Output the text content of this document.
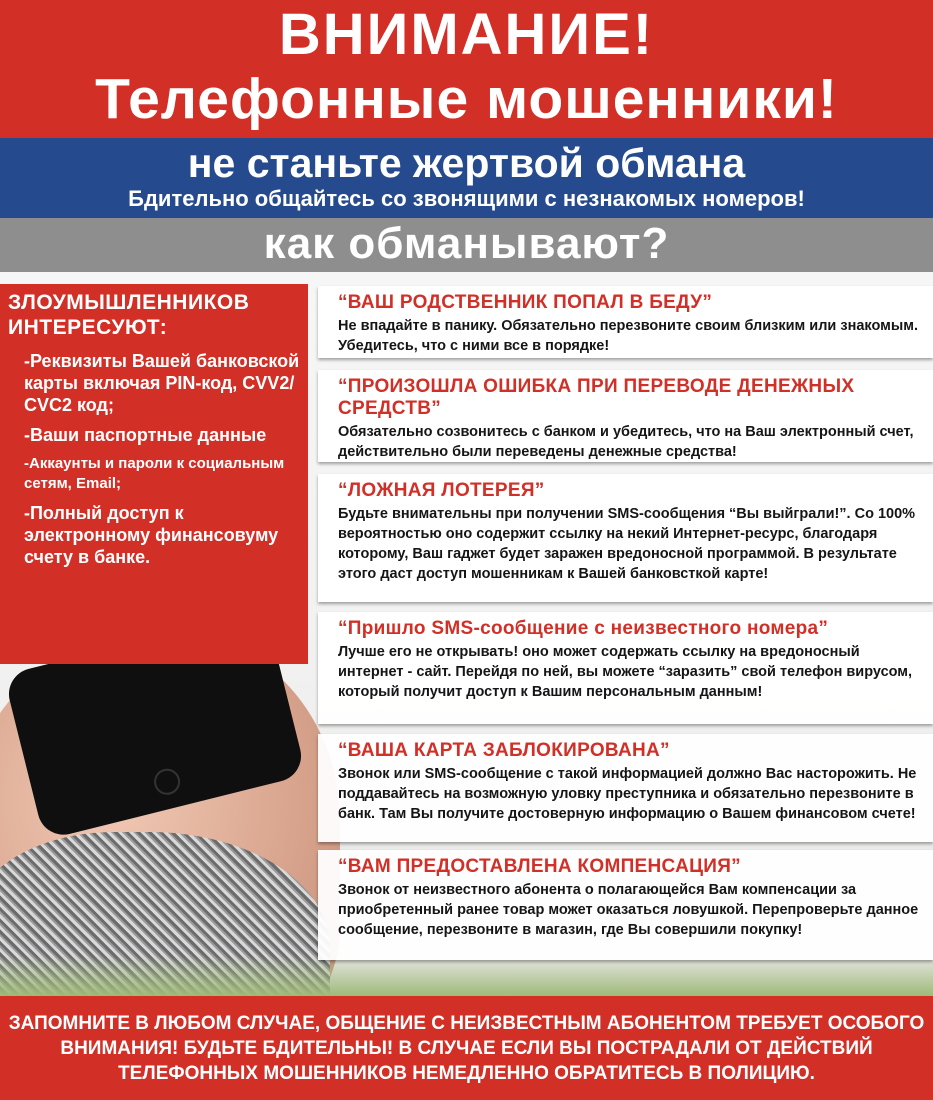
ВНИМАНИЕ!
Телефонные мошенники!
не станьте жертвой обмана
Бдительно общайтесь со звонящими с незнакомых номеров!
как обманывают?
ЗЛОУМЫШЛЕННИКОВ ИНТЕРЕСУЮТ:
-Реквизиты Вашей банковской карты включая PIN-код, CVV2/ CVC2 код;
-Ваши паспортные данные
-Аккаунты и пароли к социальным сетям, Email;
-Полный доступ к электронному финансовуму счету в банке.
“ВАШ РОДСТВЕННИК ПОПАЛ В БЕДУ”
Не впадайте в панику. Обязательно перезвоните своим близким или знакомым. Убедитесь, что с ними все в порядке!
“ПРОИЗОШЛА ОШИБКА ПРИ ПЕРЕВОДЕ ДЕНЕЖНЫХ СРЕДСТВ”
Обязательно созвонитесь с банком и убедитесь, что на Ваш электронный счет, действительно были переведены денежные средства!
“ЛОЖНАЯ ЛОТЕРЕЯ”
Будьте внимательны при получении SMS-сообщения “Вы выйграли!”. Со 100% вероятностью оно содержит ссылку на некий Интернет-ресурс, благодаря которому, Ваш гаджет будет заражен вредоносной программой. В результате этого даст доступ мошенникам к Вашей банковсткой карте!
“Пришло SMS-сообщение с неизвестного номера”
Лучше его не открывать! оно может содержать ссылку на вредоносный интернет - сайт. Перейдя по ней, вы можете “заразить” свой телефон вирусом, который получит доступ к Вашим персональным данным!
“ВАША КАРТА ЗАБЛОКИРОВАНА”
Звонок или SMS-сообщение с такой информацией должно Вас насторожить. Не поддавайтесь на возможную уловку преступника и обязательно перезвоните в банк. Там Вы получите достоверную информацию о Вашем финансовом счете!
“ВАМ ПРЕДОСТАВЛЕНА КОМПЕНСАЦИЯ”
Звонок от неизвестного абонента о полагающейся Вам компенсации за приобретенный ранее товар может оказаться ловушкой. Перепроверьте данное сообщение, перезвоните в магазин, где Вы совершили покупку!
ЗАПОМНИТЕ В ЛЮБОМ СЛУЧАЕ, ОБЩЕНИЕ С НЕИЗВЕСТНЫМ АБОНЕНТОМ ТРЕБУЕТ ОСОБОГО ВНИМАНИЯ! БУДЬТЕ БДИТЕЛЬНЫ! В СЛУЧАЕ ЕСЛИ ВЫ ПОСТРАДАЛИ ОТ ДЕЙСТВИЙ ТЕЛЕФОННЫХ МОШЕННИКОВ НЕМЕДЛЕННО ОБРАТИТЕСЬ В ПОЛИЦИЮ.
